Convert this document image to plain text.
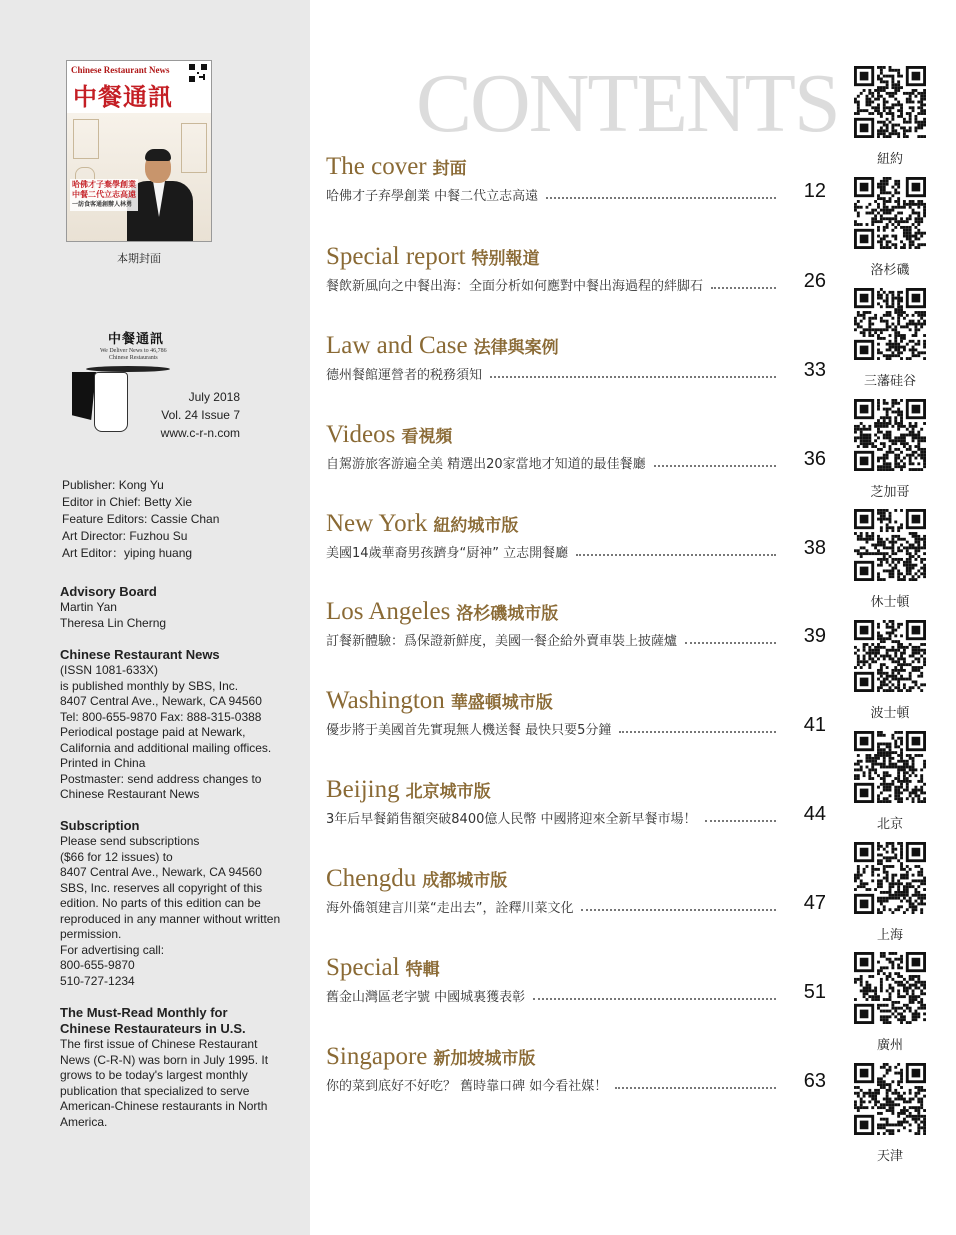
Chinese Restaurant News
中餐通訊
哈佛才子棄學創業
中餐二代立志高遠
一訪食客通創辦人林勇
本期封面
中餐通訊
We Deliver News to 46,786
Chinese Restaurants
July 2018
Vol. 24 Issue 7
www.c-r-n.com
Publisher: Kong Yu
Editor in Chief: Betty Xie
Feature Editors: Cassie Chan
Art Director: Fuzhou Su
Art Editor：yiping huang
Advisory Board
Martin Yan
Theresa Lin Cherng
Chinese Restaurant News
(ISSN 1081-633X)
is published monthly by SBS, Inc.
8407 Central Ave., Newark, CA 94560
Tel: 800-655-9870 Fax: 888-315-0388
Periodical postage paid at Newark,
California and additional mailing offices.
Printed in China
Postmaster: send address changes to
Chinese Restaurant News
Subscription
Please send subscriptions
($66 for 12 issues) to
8407 Central Ave., Newark, CA 94560
SBS, Inc. reserves all copyright of this
edition. No parts of this edition can be
reproduced in any manner without written
permission.
For advertising call:
800-655-9870
510-727-1234
The Must-Read Monthly for
Chinese Restaurateurs in U.S.
The first issue of Chinese Restaurant
News (C-R-N) was born in July 1995. It
grows to be today's largest monthly
publication that specialized to serve
American-Chinese restaurants in North
America.
CONTENTS
The cover 封面
哈佛才子弃學創業 中餐二代立志高遠	12
Special report 特别報道
餐飲新風向之中餐出海：全面分析如何應對中餐出海過程的絆脚石	26
Law and Case 法律與案例
德州餐館運營者的税務須知	33
Videos 看視頻
自駕游旅客游遍全美 精選出20家當地才知道的最佳餐廳	36
New York 紐約城市版
美國14歲華裔男孩躋身“厨神” 立志開餐廳	38
Los Angeles 洛杉磯城市版
訂餐新體驗：爲保證新鮮度，美國一餐企給外賣車裝上披薩爐	39
Washington 華盛頓城市版
優步將于美國首先實現無人機送餐 最快只要5分鐘	41
Beijing 北京城市版
3年后早餐銷售額突破8400億人民幣 中國將迎來全新早餐市場！	44
Chengdu 成都城市版
海外僑領建言川菜“走出去”，詮釋川菜文化	47
Special 特輯
舊金山灣區老字號 中國城裏獲表彰	51
Singapore 新加坡城市版
你的菜到底好不好吃？ 舊時靠口碑 如今看社媒！	63
紐約
洛杉磯
三藩硅谷
芝加哥
休士頓
波士頓
北京
上海
廣州
天津
